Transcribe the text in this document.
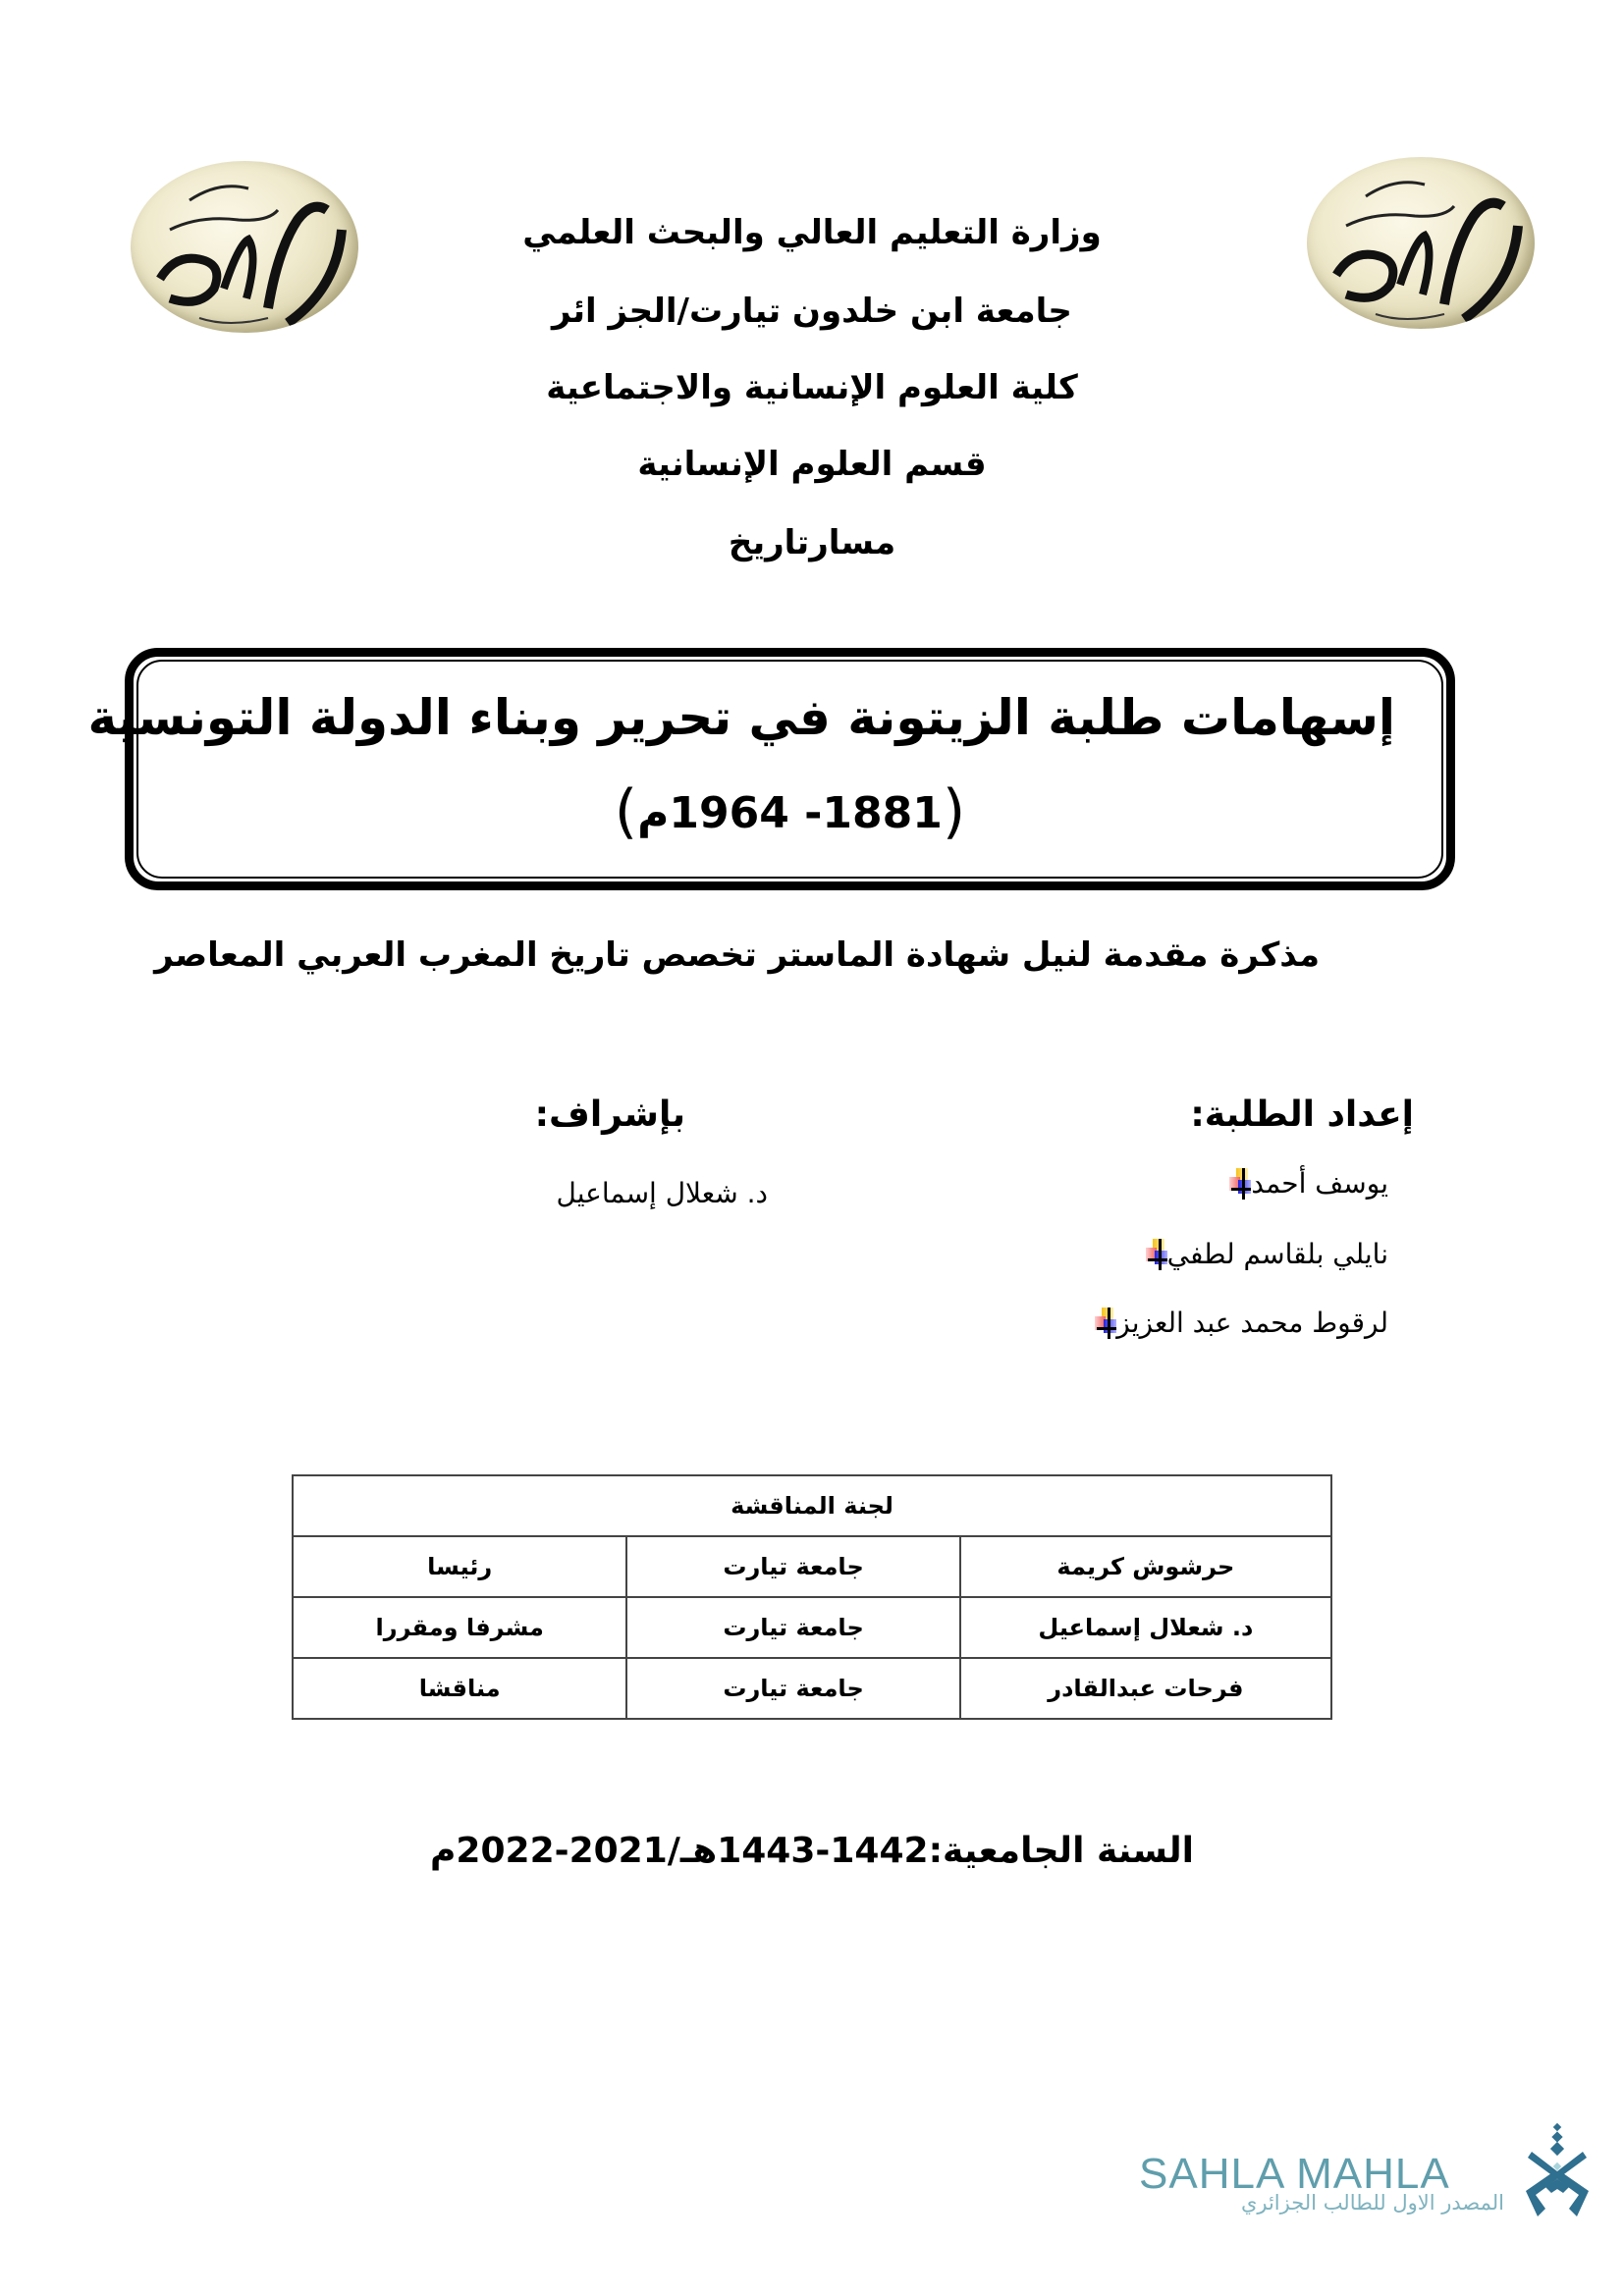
وزارة التعليم العالي والبحث العلمي
جامعة ابن خلدون تيارت/الجز ائر
كلية العلوم الإنسانية والاجتماعية
قسم العلوم الإنسانية
مسارتاريخ
إسهامات طلبة الزيتونة في تحرير وبناء الدولة التونسية
(1881- 1964م)
مذكرة مقدمة لنيل شهادة الماستر تخصص تاريخ المغرب العربي المعاصر
إعداد الطلبة:
بإشراف:
يوسف أحمد
نايلي بلقاسم لطفي
لرقوط محمد عبد العزيز
د. شعلال إسماعيل
لجنة المناقشة		
حرشوش كريمة	جامعة تيارت	رئيسا
د. شعلال إسماعيل	جامعة تيارت	مشرفا ومقررا
فرحات عبدالقادر	جامعة تيارت	مناقشا
السنة الجامعية:1442-1443هـ/2021-2022م
SAHLA MAHLA
المصدر الاول للطالب الجزائري
